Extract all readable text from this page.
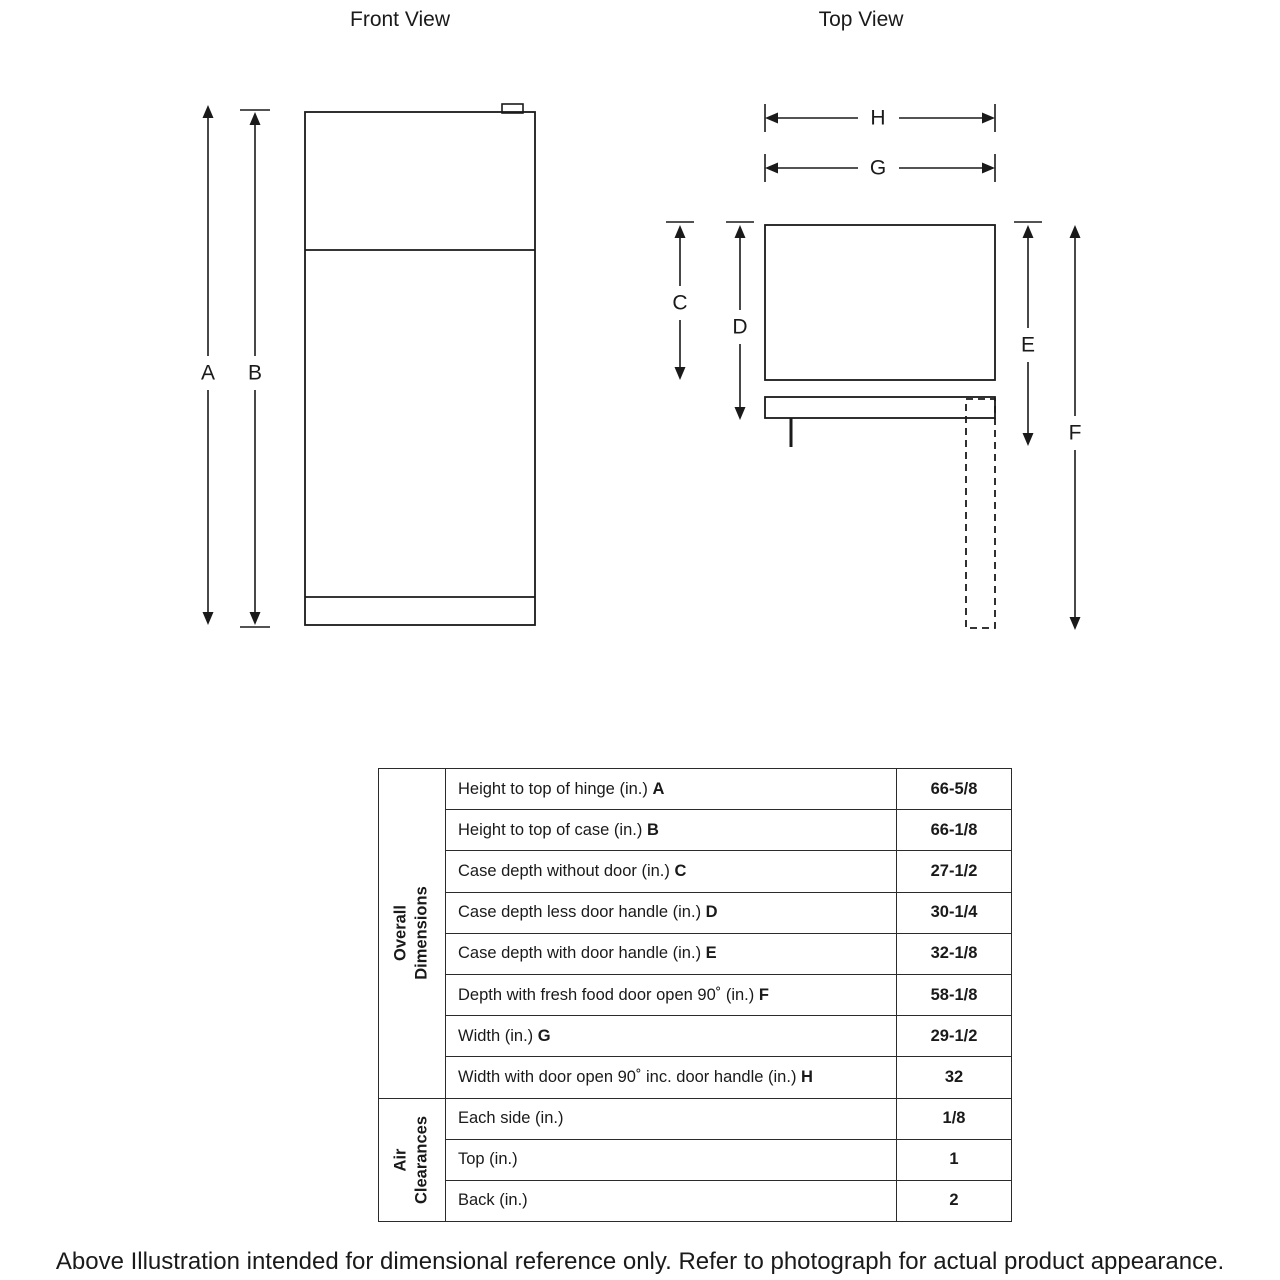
Front View	Top View
A B
H
G
C
D
E
F
Overall Dimensions	Height to top of hinge (in.) A	66-5/8
	Height to top of case (in.) B	66-1/8
	Case depth without door (in.) C	27-1/2
	Case depth less door handle (in.) D	30-1/4
	Case depth with door handle (in.) E	32-1/8
	Depth with fresh food door open 90˚ (in.) F	58-1/8
	Width (in.) G	29-1/2
	Width with door open 90˚ inc. door handle (in.) H	32

Air Clearances	Each side (in.)	1/8
	Top (in.)	1
	Back (in.)	2
Above Illustration intended for dimensional reference only. Refer to photograph for actual product appearance.
